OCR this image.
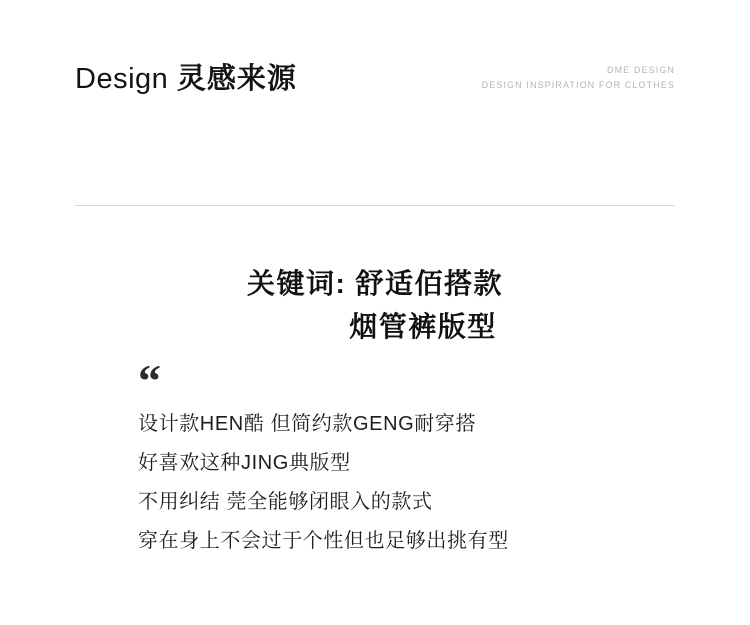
Design 灵感来源	DME DESIGN
DESIGN INSPIRATION FOR CLOTHES
关键词: 舒适佰搭款
烟管裤版型
“
设计款HEN酷 但简约款GENG耐穿搭
好喜欢这种JING典版型
不用纠结 莞全能够闭眼入的款式
穿在身上不会过于个性但也足够出挑有型
